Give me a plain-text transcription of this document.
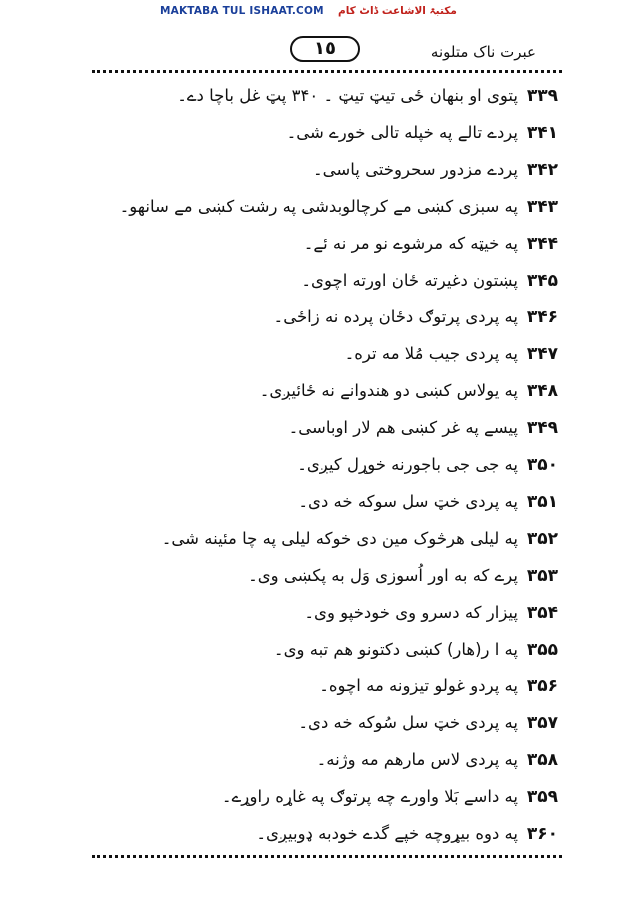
MAKTABA TUL ISHAAT.COM مکتبۃ الاشاعت ڈاٹ کام
١٥	عبرت ناک متلونه
۳۳۹
پتوی او بنهان ځی تیټ تیټ ۔ ۳۴۰ پټ غل باچا دے۔
۳۴۱
پردے تالے په خپله تالی خورے شی۔
۳۴۲
پردے مزدور سحروختی پاسی۔
۳۴۳
په سبزی کښی مے کرچالوبدشی په رشت کښی مے سانهو۔
۳۴۴
په خیټه که مرشوے نو مر نه ئے۔
۳۴۵
پښتون دغیرته ځان اورته اچوی۔
۳۴۶
په پردی پرتوګ دځان پرده نه زاځی۔
۳۴۷
په پردی جیب مُلا مه تره۔
۳۴۸
په یولاس کښی دو هندوانے نه ځائیږی۔
۳۴۹
پیسے په غر کښی هم لار اوباسی۔
۳۵۰
په جی جی باجورنه خوړل کیږی۔
۳۵۱
په پردی خټ سل سوکه خه دی۔
۳۵۲
په لیلی هرڅوک مین دی خوکه لیلی په چا مئینه شی۔
۳۵۳
پرے که به اور اُسوزی وَل به پکښی وی۔
۳۵۴
پیزار که دسرو وی خودخپو وی۔
۳۵۵
په ا ر(هار) کښی دکتونو هم تبه وی۔
۳۵۶
په پردو غولو تیزونه مه اچوه۔
۳۵۷
په پردی خټ سل سُوکه خه دی۔
۳۵۸
په پردی لاس مارهم مه وژنه۔
۳۵۹
په داسے بَلا واورے چه پرتوګ په غاړه راوړے۔
۳۶۰
په دوه بیړوچه خپے گدے خودبه ډوبیږی۔
